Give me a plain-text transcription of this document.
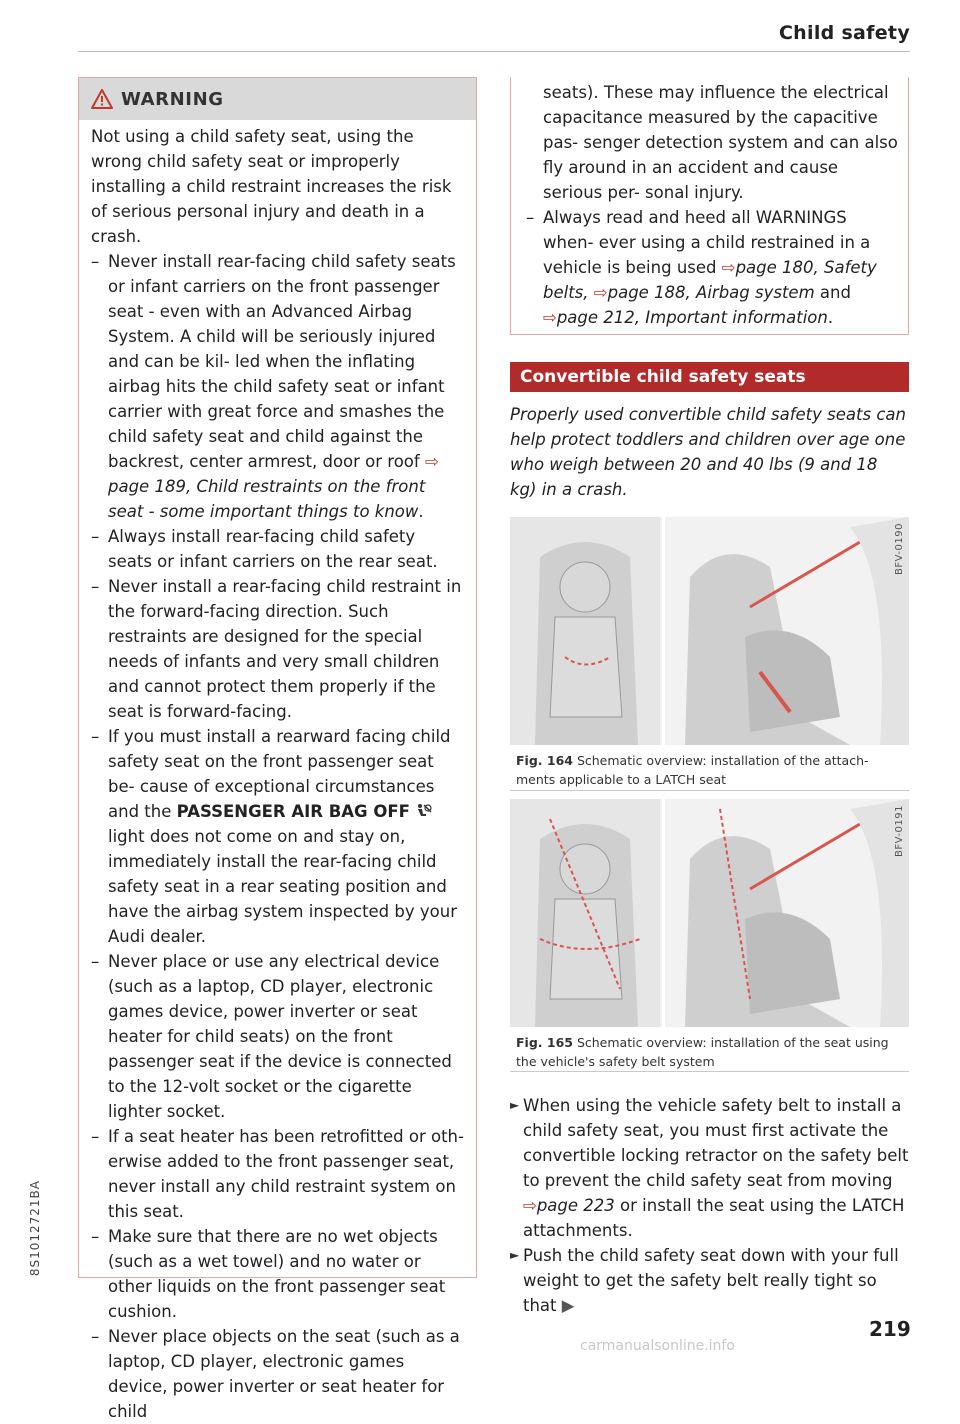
Child safety
WARNING

Not using a child safety seat, using the wrong child safety seat or improperly installing a child restraint increases the risk of serious personal injury and death in a crash.

– Never install rear-facing child safety seats or infant carriers on the front passenger seat - even with an Advanced Airbag System. A child will be seriously injured and can be kil- led when the inflating airbag hits the child safety seat or infant carrier with great force and smashes the child safety seat and child against the backrest, center armrest, door or roof ⇨ page 189, Child restraints on the front seat - some important things to know.
– Always install rear-facing child safety seats or infant carriers on the rear seat.
– Never install a rear-facing child restraint in the forward-facing direction. Such restraints are designed for the special needs of infants and very small children and cannot protect them properly if the seat is forward-facing.
– If you must install a rearward facing child safety seat on the front passenger seat be- cause of exceptional circumstances and the PASSENGER AIR BAG OFF  light does not come on and stay on, immediately install the rear-facing child safety seat in a rear seating position and have the airbag system inspected by your Audi dealer.
– Never place or use any electrical device (such as a laptop, CD player, electronic games device, power inverter or seat heater for child seats) on the front passenger seat if the device is connected to the 12-volt socket or the cigarette lighter socket.
– If a seat heater has been retrofitted or oth- erwise added to the front passenger seat, never install any child restraint system on this seat.
– Make sure that there are no wet objects (such as a wet towel) and no water or other liquids on the front passenger seat cushion.
– Never place objects on the seat (such as a laptop, CD player, electronic games device, power inverter or seat heater for child

seats). These may influence the electrical capacitance measured by the capacitive pas- senger detection system and can also fly around in an accident and cause serious per- sonal injury.

– Always read and heed all WARNINGS when- ever using a child restrained in a vehicle is being used ⇨page 180, Safety belts, ⇨page 188, Airbag system and ⇨page 212, Important information.
Convertible child safety seats

Properly used convertible child safety seats can help protect toddlers and children over age one who weigh between 20 and 40 lbs (9 and 18 kg) in a crash.

BFV-0190
Fig. 164 Schematic overview: installation of the attach- ments applicable to a LATCH seat
BFV-0191
Fig. 165 Schematic overview: installation of the seat using the vehicle's safety belt system
► When using the vehicle safety belt to install a child safety seat, you must first activate the convertible locking retractor on the safety belt to prevent the child safety seat from moving ⇨page 223 or install the seat using the LATCH attachments.
► Push the child safety seat down with your full weight to get the safety belt really tight so that ▶
219
8S1012721BA
carmanualsonline.info
